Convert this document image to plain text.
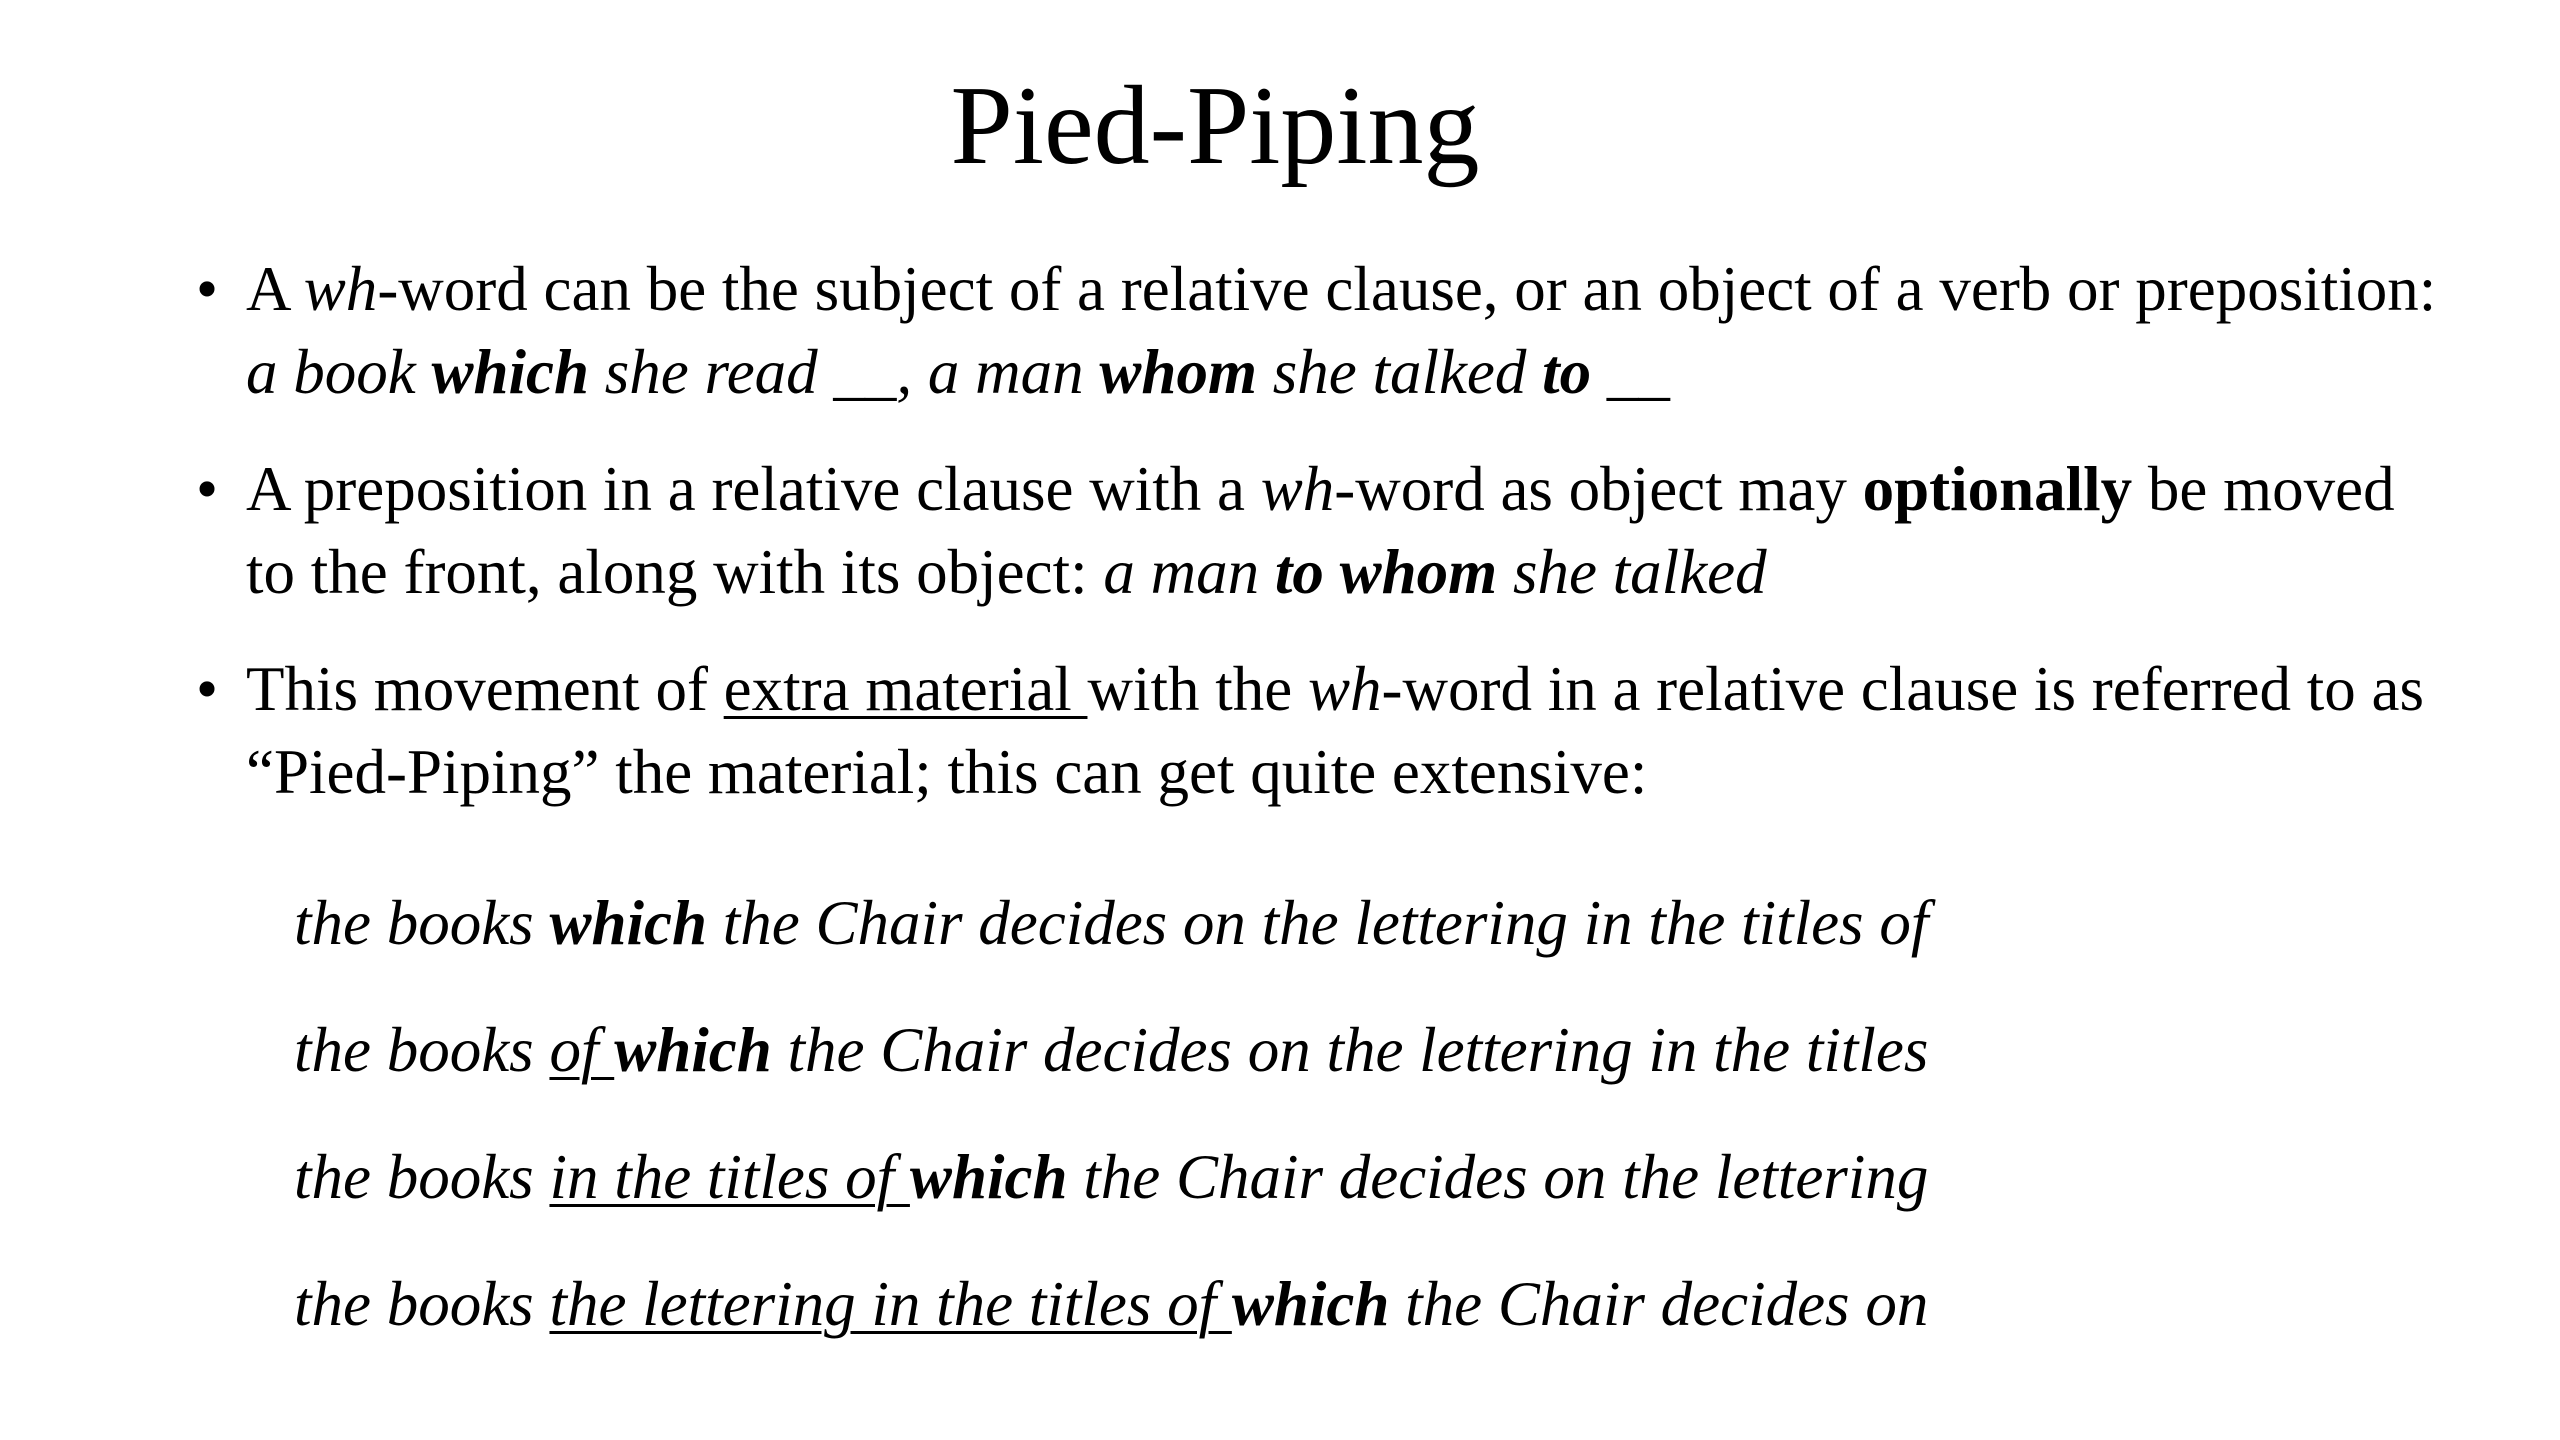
Pied-Piping
• A wh-word can be the subject of a relative clause, or an object of a verb or preposition: a book which she read __, a man whom she talked to __
• A preposition in a relative clause with a wh-word as object may optionally be moved to the front, along with its object: a man to whom she talked
• This movement of extra material with the wh-word in a relative clause is referred to as “Pied-Piping” the material; this can get quite extensive:
the books which the Chair decides on the lettering in the titles of
the books of which the Chair decides on the lettering in the titles
the books in the titles of which the Chair decides on the lettering
the books the lettering in the titles of which the Chair decides on
